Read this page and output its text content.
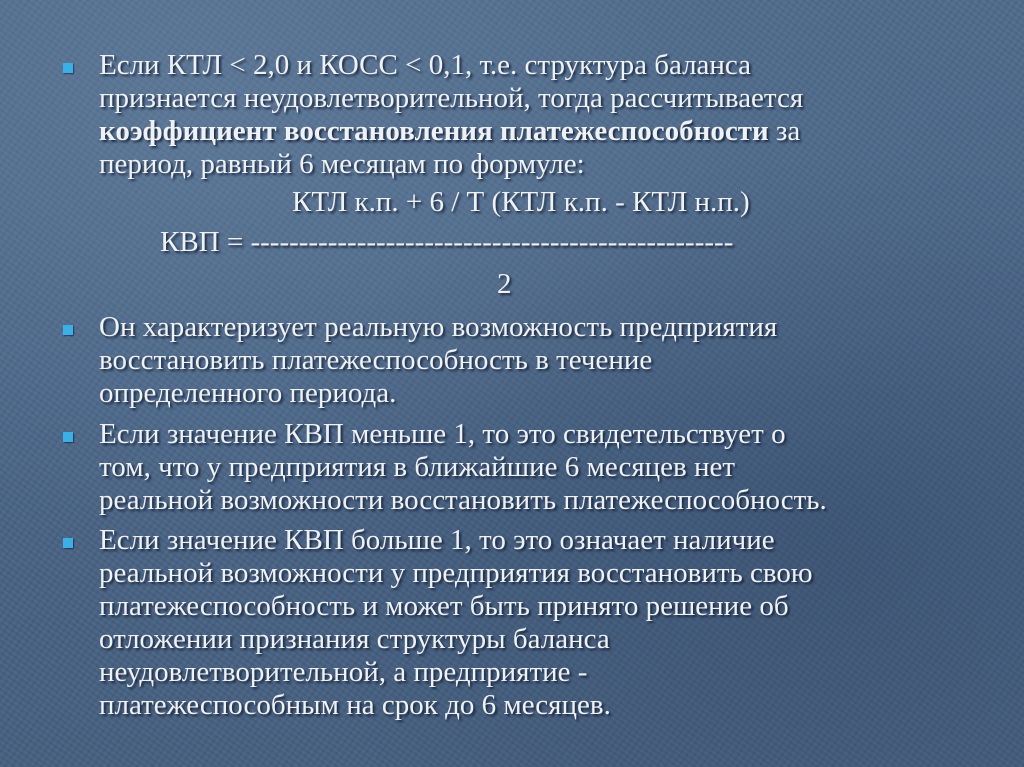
Если КТЛ < 2,0 и КОСС < 0,1, т.е. структура баланса
признается неудовлетворительной, тогда рассчитывается
коэффициент восстановления платежеспособности за
период, равный 6 месяцам по формуле:
КТЛ к.п. + 6 / Т (КТЛ к.п. - КТЛ н.п.)
КВП = --------------------------------------------------
2
Он характеризует реальную возможность предприятия
восстановить платежеспособность в течение
определенного периода.
Если значение КВП меньше 1, то это свидетельствует о
том, что у предприятия в ближайшие 6 месяцев нет
реальной возможности восстановить платежеспособность.
Если значение КВП больше 1, то это означает наличие
реальной возможности у предприятия восстановить свою
платежеспособность и может быть принято решение об
отложении признания структуры баланса
неудовлетворительной, а предприятие -
платежеспособным на срок до 6 месяцев.
